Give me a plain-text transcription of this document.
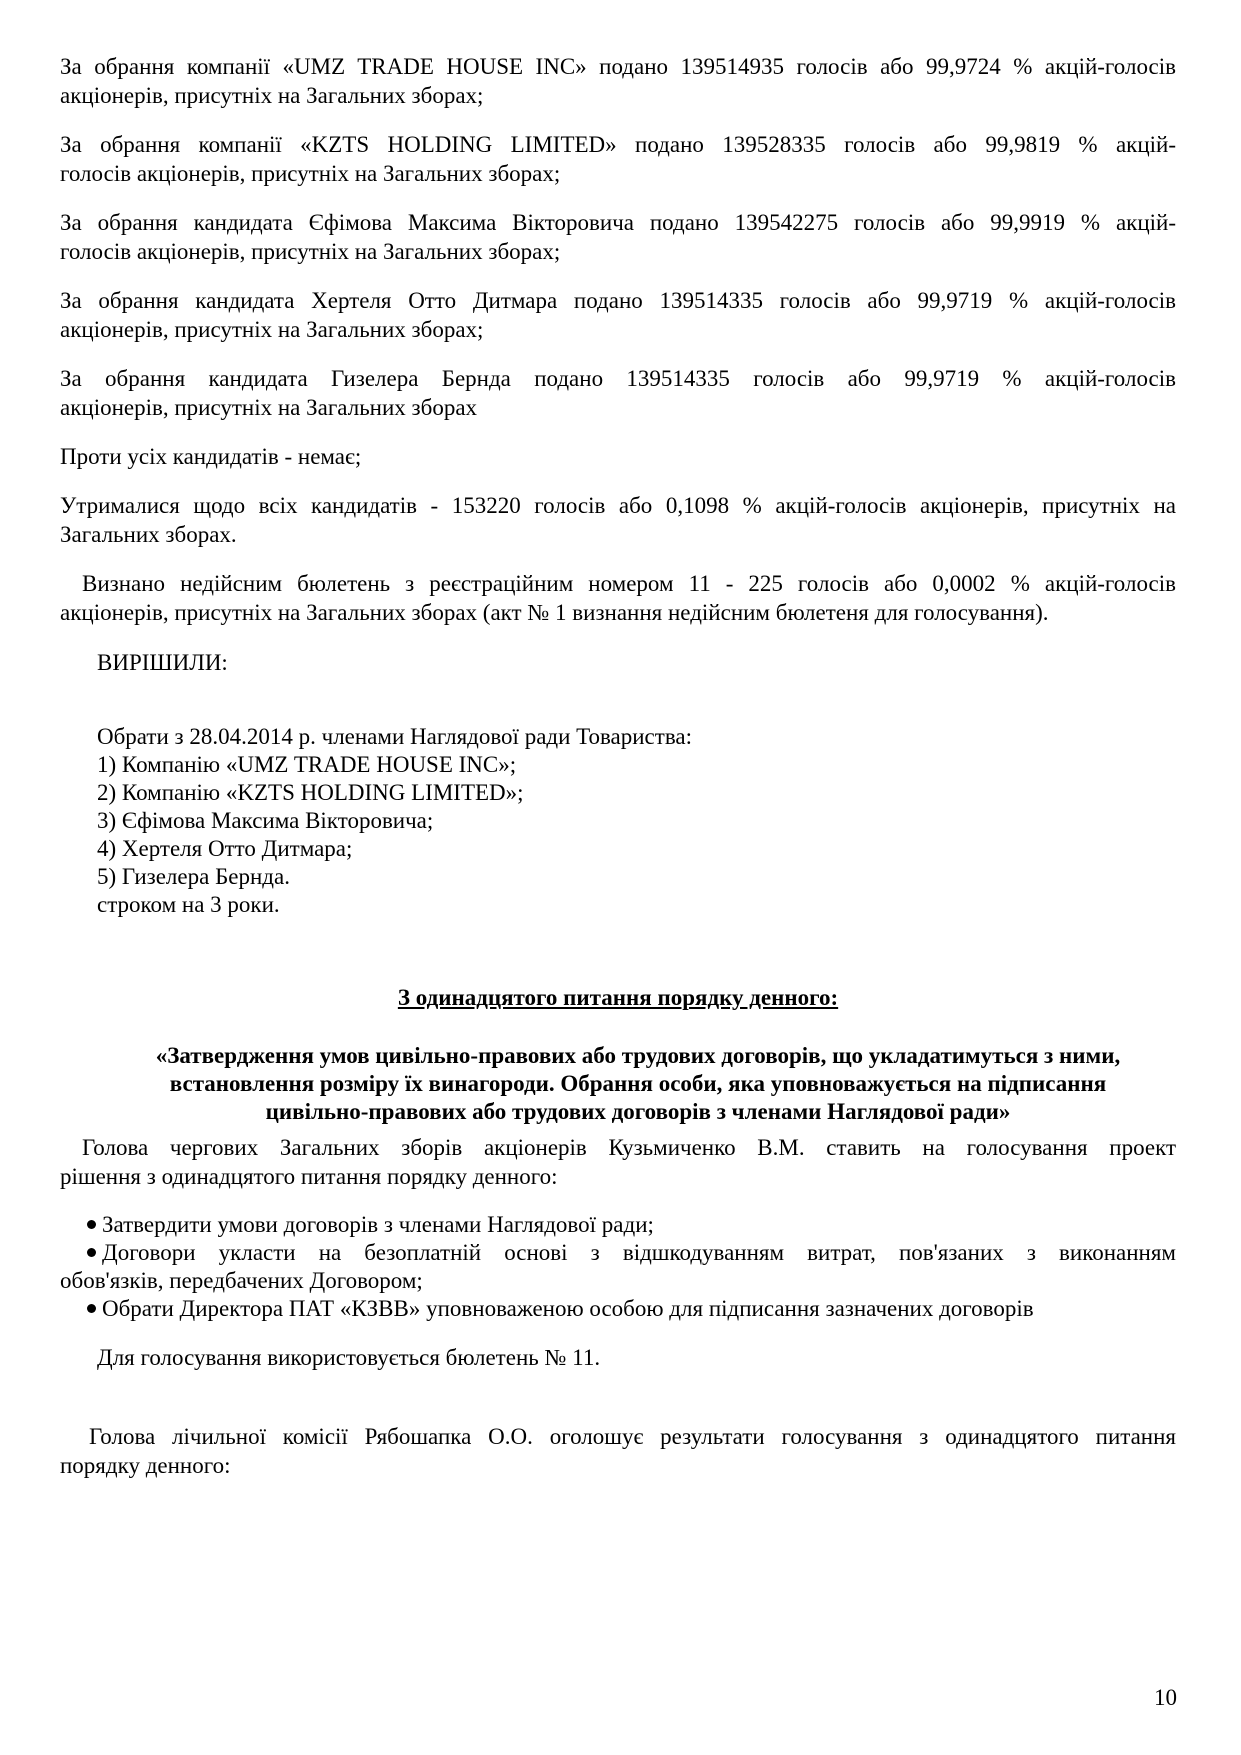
За обрання компанії «UMZ TRADE HOUSE INC» подано 139514935 голосів або 99,9724 % акцій-голосів

акціонерів, присутніх на Загальних зборах;

За обрання компанії «KZTS HOLDING LIMITED» подано 139528335 голосів або 99,9819 % акцій-

голосів акціонерів, присутніх на Загальних зборах;

За обрання кандидата Єфімова Максима Вікторовича подано 139542275 голосів або 99,9919 % акцій-

голосів акціонерів, присутніх на Загальних зборах;

За обрання кандидата Хертеля Отто Дитмара подано 139514335 голосів або 99,9719 % акцій-голосів

акціонерів, присутніх на Загальних зборах;

За обрання кандидата Гизелера Бернда подано 139514335 голосів або 99,9719 % акцій-голосів

акціонерів, присутніх на Загальних зборах

Проти усіх кандидатів - немає;

Утрималися щодо всіх кандидатів - 153220 голосів або 0,1098 % акцій-голосів акціонерів, присутніх на

Загальних зборах.

Визнано недійсним бюлетень з реєстраційним номером 11 - 225 голосів або 0,0002 % акцій-голосів

акціонерів, присутніх на Загальних зборах (акт № 1 визнання недійсним бюлетеня для голосування).

ВИРІШИЛИ:

Обрати з 28.04.2014 р. членами Наглядової ради Товариства:

1) Компанію «UMZ TRADE HOUSE INC»;

2) Компанію «KZTS HOLDING LIMITED»;

3) Єфімова Максима Вікторовича;

4) Хертеля Отто Дитмара;

5) Гизелера Бернда.

строком на 3 роки.

З одинадцятого питання порядку денного:

«Затвердження умов цивільно-правових або трудових договорів, що укладатимуться з ними,

встановлення розміру їх винагороди. Обрання особи, яка уповноважується на підписання

цивільно-правових або трудових договорів з членами Наглядової ради»

Голова чергових Загальних зборів акціонерів Кузьмиченко В.М. ставить на голосування проект

рішення з одинадцятого питання порядку денного:

Затвердити умови договорів з членами Наглядової ради;
Договори укласти на безоплатній основі з відшкодуванням витрат, пов'язаних з виконанням

обов'язків, передбачених Договором;

Обрати Директора ПАТ «КЗВВ» уповноваженою особою для підписання зазначених договорів

Для голосування використовується бюлетень № 11.

Голова лічильної комісії Рябошапка О.О. оголошує результати голосування з одинадцятого питання

порядку денного:

10
